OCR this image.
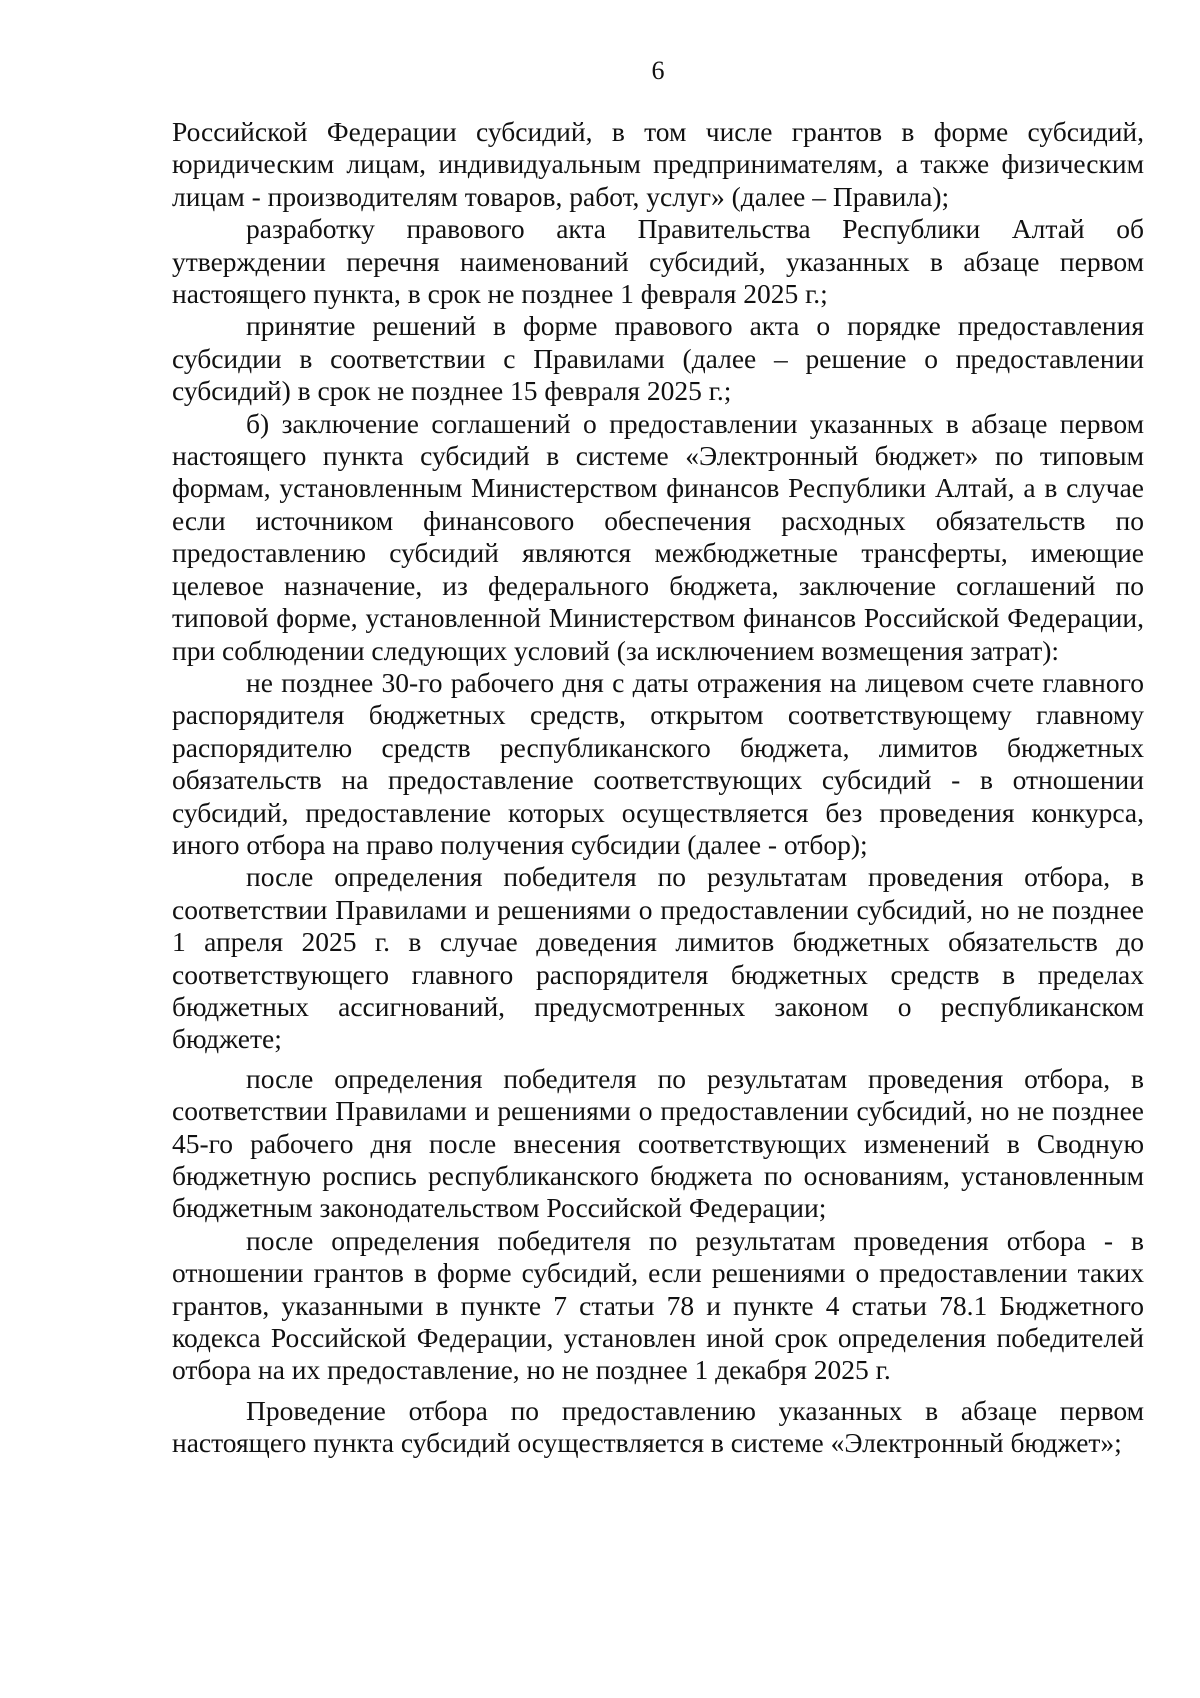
6

Российской Федерации субсидий, в том числе грантов в форме субсидий, юридическим лицам, индивидуальным предпринимателям, а также физическим лицам - производителям товаров, работ, услуг» (далее – Правила);

разработку правового акта Правительства Республики Алтай об утверждении перечня наименований субсидий, указанных в абзаце первом настоящего пункта, в срок не позднее 1 февраля 2025 г.;

принятие решений в форме правового акта о порядке предоставления субсидии в соответствии с Правилами (далее – решение о предоставлении субсидий) в срок не позднее 15 февраля 2025 г.;

б) заключение соглашений о предоставлении указанных в абзаце первом настоящего пункта субсидий в системе «Электронный бюджет» по типовым формам, установленным Министерством финансов Республики Алтай, а в случае если источником финансового обеспечения расходных обязательств по предоставлению субсидий являются межбюджетные трансферты, имеющие целевое назначение, из федерального бюджета, заключение соглашений по типовой форме, установленной Министерством финансов Российской Федерации, при соблюдении следующих условий (за исключением возмещения затрат):

не позднее 30-го рабочего дня с даты отражения на лицевом счете главного распорядителя бюджетных средств, открытом соответствующему главному распорядителю средств республиканского бюджета, лимитов бюджетных обязательств на предоставление соответствующих субсидий - в отношении субсидий, предоставление которых осуществляется без проведения конкурса, иного отбора на право получения субсидии (далее - отбор);

после определения победителя по результатам проведения отбора, в соответствии Правилами и решениями о предоставлении субсидий, но не позднее 1 апреля 2025 г. в случае доведения лимитов бюджетных обязательств до соответствующего главного распорядителя бюджетных средств в пределах бюджетных ассигнований, предусмотренных законом о республиканском бюджете;

после определения победителя по результатам проведения отбора, в соответствии Правилами и решениями о предоставлении субсидий, но не позднее 45-го рабочего дня после внесения соответствующих изменений в Сводную бюджетную роспись республиканского бюджета по основаниям, установленным бюджетным законодательством Российской Федерации;

после определения победителя по результатам проведения отбора - в отношении грантов в форме субсидий, если решениями о предоставлении таких грантов, указанными в пункте 7 статьи 78 и пункте 4 статьи 78.1 Бюджетного кодекса Российской Федерации, установлен иной срок определения победителей отбора на их предоставление, но не позднее 1 декабря 2025 г.

Проведение отбора по предоставлению указанных в абзаце первом настоящего пункта субсидий осуществляется в системе «Электронный бюджет»;
